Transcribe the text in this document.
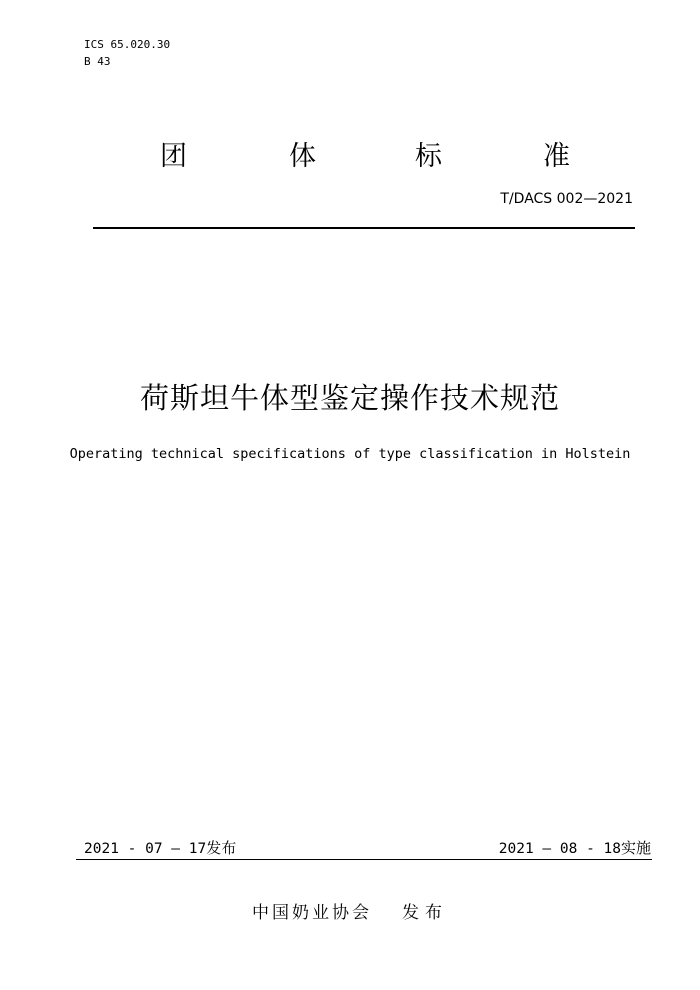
ICS 65.020.30
B 43
团	体	标	准
T/DACS 002—2021
荷斯坦牛体型鉴定操作技术规范
Operating technical specifications of type classification in Holstein
2021 - 07 – 17发布	2021 – 08 - 18实施
中国奶业协会 发布
